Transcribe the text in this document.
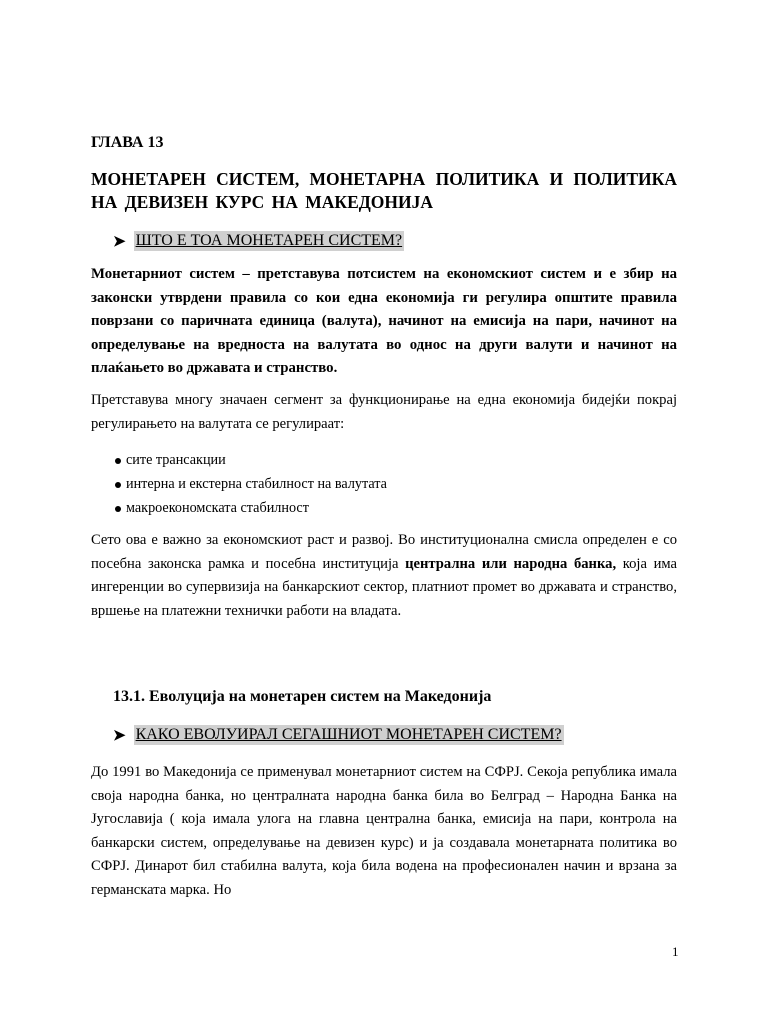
ГЛАВА 13
МОНЕТАРЕН СИСТЕМ, МОНЕТАРНА ПОЛИТИКА И ПОЛИТИКА
НА ДЕВИЗЕН КУРС НА МАКЕДОНИЈА
➤ ШТО Е ТОА МОНЕТАРЕН СИСТЕМ?
Монетарниот систем – претставува потсистем на економскиот систем и е збир на законски утврдени правила со кои една економија ги регулира општите правила поврзани со паричната единица (валута), начинот на емисија на пари, начинот на определување на вредноста на валутата во однос на други валути и начинот на плаќањето во државата и странство.
Претставува многу значаен сегмент за функционирање на една економија бидејќи покрај регулирањето на валутата се регулираат:
сите трансакции
интерна и екстерна стабилност на валутата
макроекономската стабилност
Сето ова е важно за економскиот раст и развој. Во институционална смисла определен е со посебна законска рамка и посебна институција централна или народна банка, која има ингеренции во супервизија на банкарскиот сектор, платниот промет во државата и странство, вршење на платежни технички работи на владата.
13.1. Еволуција на монетарен систем на Македонија
➤ КАКО ЕВОЛУИРАЛ СЕГАШНИОТ МОНЕТАРЕН СИСТЕМ?
До 1991 во Македонија се применувал монетарниот систем на СФРЈ. Секоја република имала своја народна банка, но централната народна банка била во Белград – Народна Банка на Југославија ( која имала улога на главна централна банка, емисија на пари, контрола на банкарски систем, определување на девизен курс) и ја создавала монетарната политика во СФРЈ. Динарот бил стабилна валута, која била водена на професионален начин и врзана за германската марка. Но
1
